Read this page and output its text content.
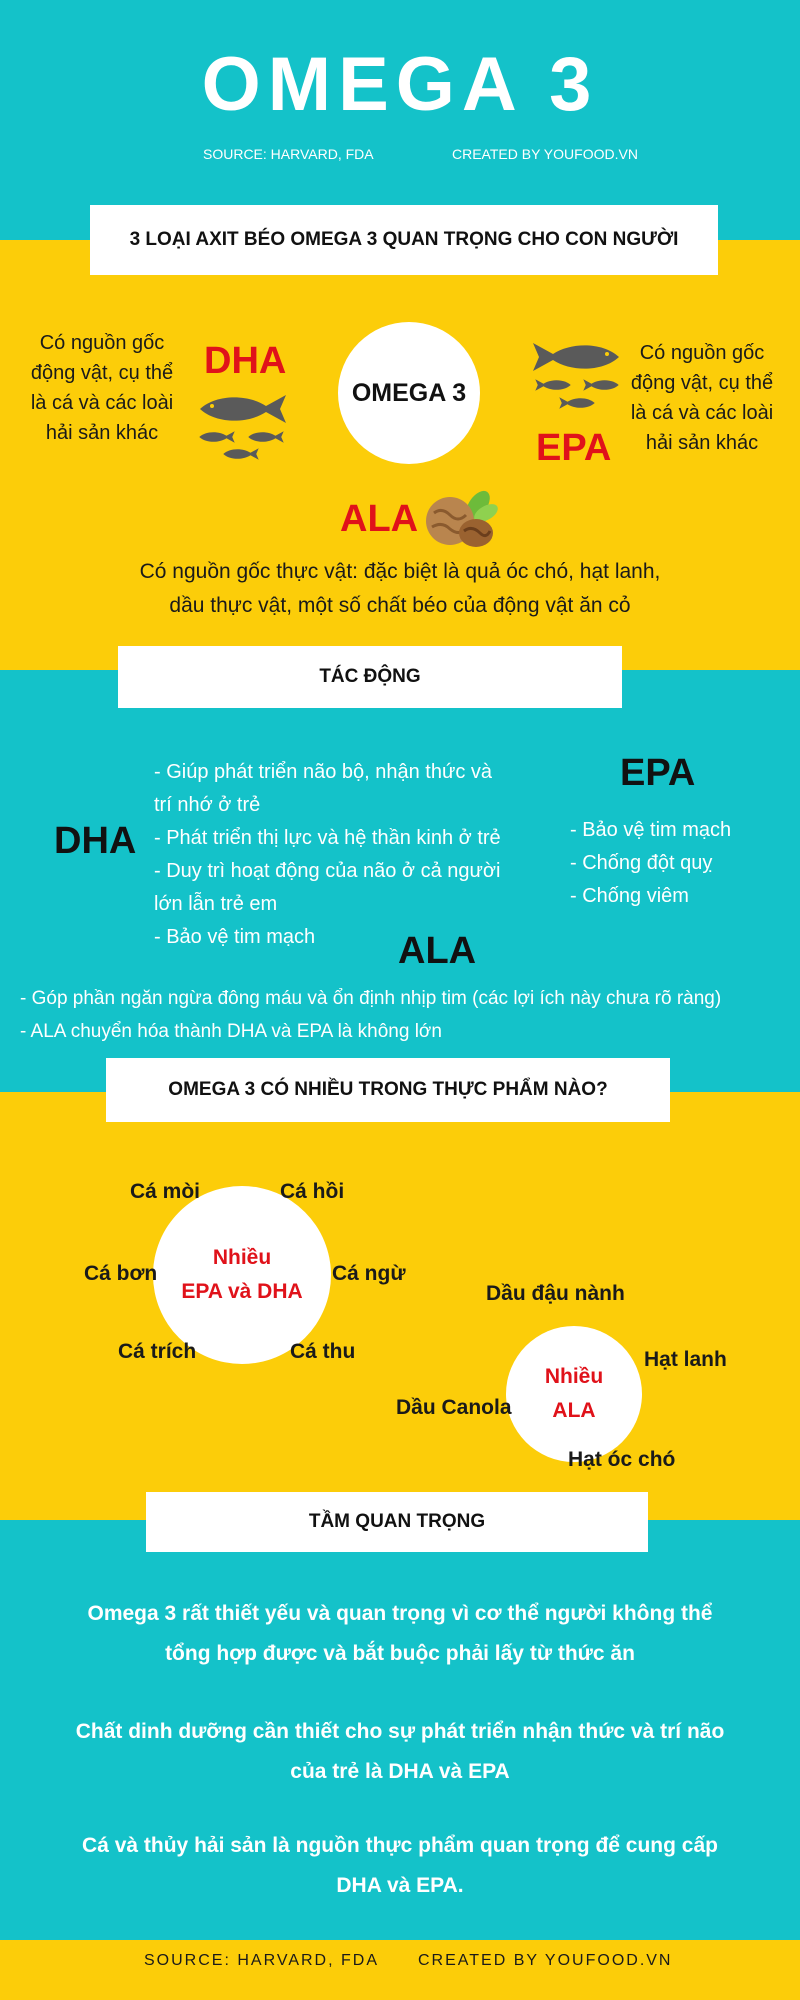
OMEGA 3
SOURCE: HARVARD, FDA	CREATED BY YOUFOOD.VN
3 LOẠI AXIT BÉO OMEGA 3 QUAN TRỌNG CHO CON NGƯỜI
Có nguồn gốc
động vật, cụ thể
là cá và các loài
hải sản khác
DHA
OMEGA 3
EPA
Có nguồn gốc
động vật, cụ thể
là cá và các loài
hải sản khác
ALA
Có nguồn gốc thực vật: đặc biệt là quả óc chó, hạt lanh,
dầu thực vật, một số chất béo của động vật ăn cỏ
TÁC ĐỘNG
DHA
- Giúp phát triển não bộ, nhận thức và
trí nhớ ở trẻ
- Phát triển thị lực và hệ thần kinh ở trẻ
- Duy trì hoạt động của não ở cả người
lớn lẫn trẻ em
- Bảo vệ tim mạch
EPA
- Bảo vệ tim mạch
- Chống đột quỵ
- Chống viêm
ALA
- Góp phần ngăn ngừa đông máu và ổn định nhịp tim (các lợi ích này chưa rõ ràng)
- ALA chuyển hóa thành DHA và EPA là không lớn
OMEGA 3 CÓ NHIỀU TRONG THỰC PHẨM NÀO?
Nhiều
EPA và DHA
Cá mòi	Cá hồi
Cá bơn	Cá ngừ
Cá trích	Cá thu
Nhiều
ALA
Dầu đậu nành
Hạt lanh
Dầu Canola
Hạt óc chó
TẦM QUAN TRỌNG
Omega 3 rất thiết yếu và quan trọng vì cơ thể người không thể
tổng hợp được và bắt buộc phải lấy từ thức ăn
Chất dinh dưỡng cần thiết cho sự phát triển nhận thức và trí não
của trẻ là DHA và EPA
Cá và thủy hải sản là nguồn thực phẩm quan trọng để cung cấp
DHA và EPA.
SOURCE: HARVARD, FDA CREATED BY YOUFOOD.VN
